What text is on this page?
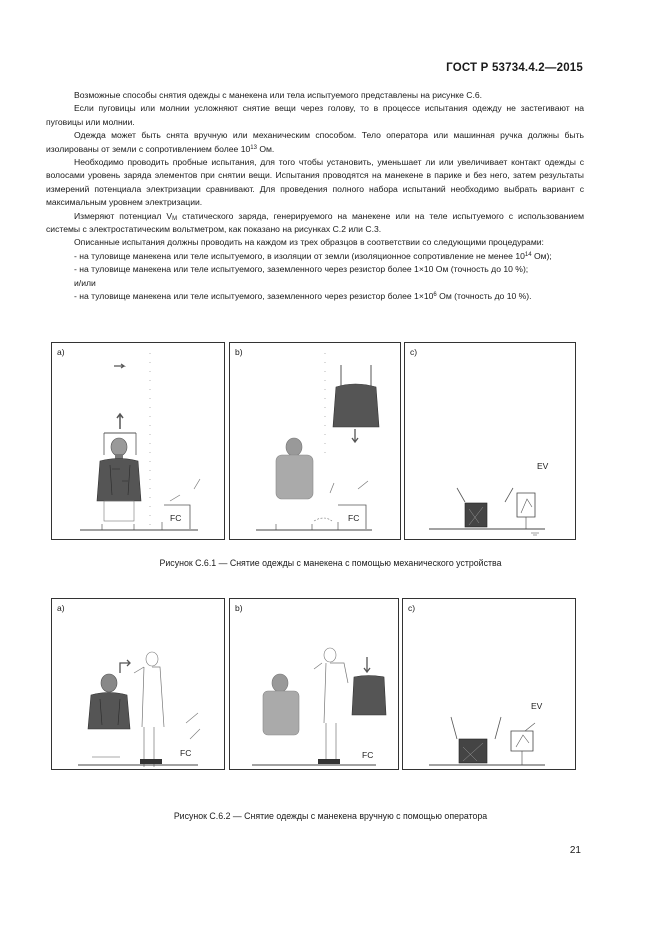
ГОСТ Р 53734.4.2—2015

Возможные способы снятия одежды с манекена или тела испытуемого представлены на рисунке С.6.

Если пуговицы или молнии усложняют снятие вещи через голову, то в процессе испытания одежду не застегивают на пуговицы или молнии.

Одежда может быть снята вручную или механическим способом. Тело оператора или машинная ручка должны быть изолированы от земли с сопротивлением более $10^{13}$ Ом.

Необходимо проводить пробные испытания, для того чтобы установить, уменьшает ли или увеличивает контакт одежды с волосами уровень заряда элементов при снятии вещи. Испытания проводятся на манекене в парике и без него, затем результаты измерений потенциала электризации сравнивают. Для проведения полного набора испытаний необходимо выбрать вариант с максимальным уровнем электризации.

Измеряют потенциал $V_M$ статического заряда, генерируемого на манекене или на теле испытуемого с использованием системы с электростатическим вольтметром, как показано на рисунках С.2 или С.3.

Описанные испытания должны проводить на каждом из трех образцов в соответствии со следующими процедурами:

- на туловище манекена или теле испытуемого, в изоляции от земли (изоляционное сопротивление не менее $10^{14}$ Ом);

- на туловище манекена или теле испытуемого, заземленного через резистор более 1×10 Ом (точность до 10 %);

и/или

- на туловище манекена или теле испытуемого, заземленного через резистор более $1\times 10^6$ Ом (точность до 10 %).

a)
FC
b)
FC
c)
EV
Рисунок С.6.1 — Снятие одежды с манекена с помощью механического устройства
a)
FC
b)
FC
c)
EV
Рисунок С.6.2 — Снятие одежды с манекена вручную с помощью оператора
21
